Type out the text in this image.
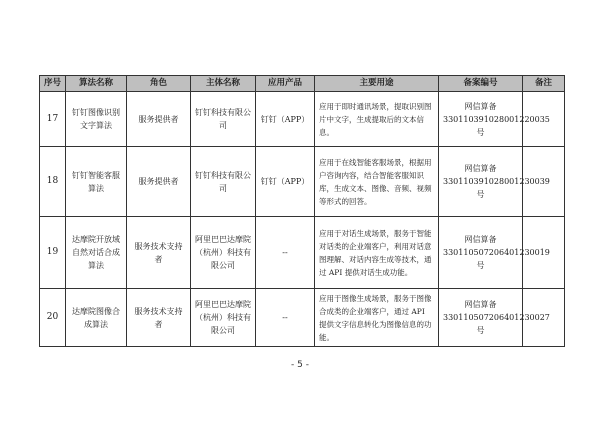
序号	算法名称	角色	主体名称	应用产品	主要用途	备案编号	备注
17	钉钉图像识别文字算法	服务提供者	钉钉科技有限公司	钉钉（APP）	应用于即时通讯场景，提取识别图片中文字，生成提取后的文本信息。	网信算备330110391028001220035 号	
18	钉钉智能客服算法	服务提供者	钉钉科技有限公司	钉钉（APP）	应用于在线智能客服场景，根据用户咨询内容，结合智能客服知识库，生成文本、图像、音频、视频等形式的回答。	网信算备330110391028001230039 号	
19	达摩院开放域自然对话合成算法	服务技术支持者	阿里巴巴达摩院（杭州）科技有限公司	--	应用于对话生成场景，服务于智能对话类的企业端客户，利用对话意图理解、对话内容生成等技术，通过 API 提供对话生成功能。	网信算备330110507206401230019 号	
20	达摩院图像合成算法	服务技术支持者	阿里巴巴达摩院（杭州）科技有限公司	--	应用于图像生成场景，服务于图像合成类的企业端客户，通过 API 提供文字信息转化为图像信息的功能。	网信算备330110507206401230027 号	
- 5 -
